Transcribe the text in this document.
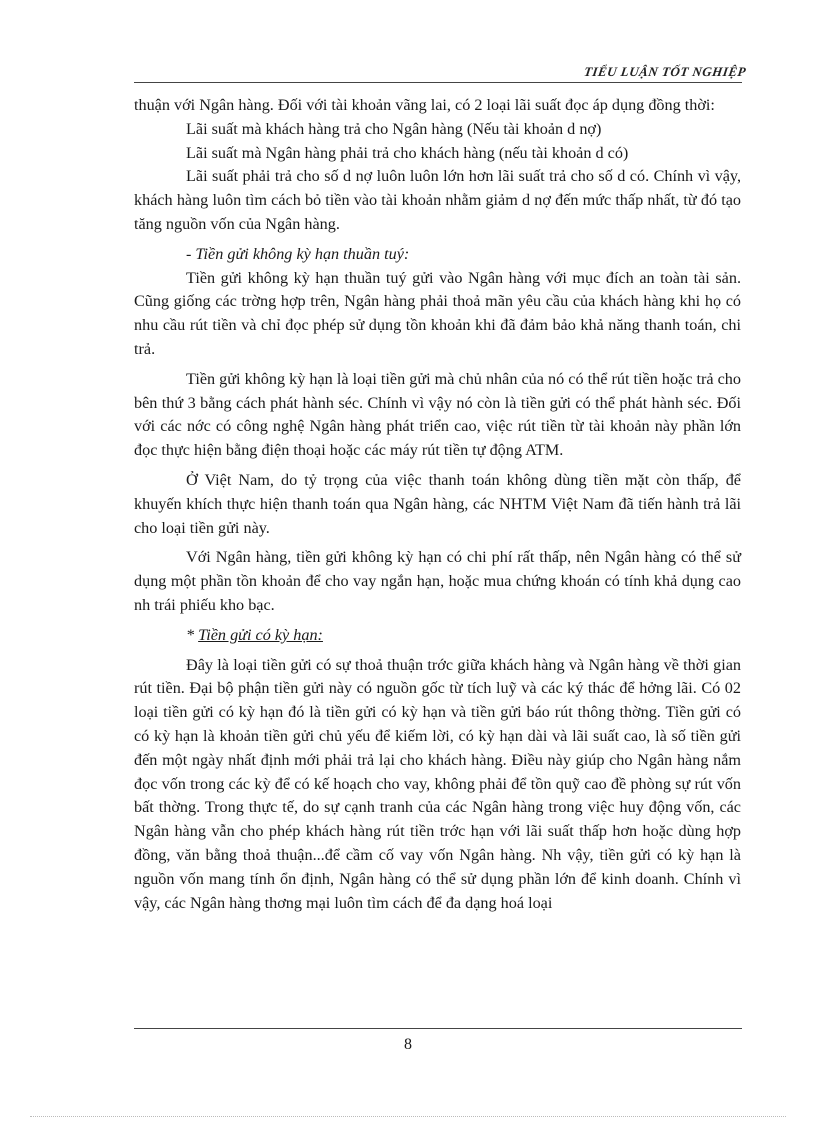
TIỂU LUẬN TỐT NGHIỆP

thuận với Ngân hàng. Đối với tài khoản vãng lai, có 2 loại lãi suất đọc áp dụng đồng thời:

Lãi suất mà khách hàng trả cho Ngân hàng (Nếu tài khoản d nợ)

Lãi suất mà Ngân hàng phải trả cho khách hàng (nếu tài khoản d có)

Lãi suất phải trả cho số d nợ luôn luôn lớn hơn lãi suất trả cho số d có. Chính vì vậy, khách hàng luôn tìm cách bỏ tiền vào tài khoản nhằm giảm d nợ đến mức thấp nhất, từ đó tạo tăng nguồn vốn của Ngân hàng.

- Tiền gửi không kỳ hạn thuần tuý:

Tiền gửi không kỳ hạn thuần tuý gửi vào Ngân hàng với mục đích an toàn tài sản. Cũng giống các trờng hợp trên, Ngân hàng phải thoả mãn yêu cầu của khách hàng khi họ có nhu cầu rút tiền và chỉ đọc phép sử dụng tồn khoản khi đã đảm bảo khả năng thanh toán, chi trả.

Tiền gửi không kỳ hạn là loại tiền gửi mà chủ nhân của nó có thể rút tiền hoặc trả cho bên thứ 3 bằng cách phát hành séc. Chính vì vậy nó còn là tiền gửi có thể phát hành séc. Đối với các nớc có công nghệ Ngân hàng phát triển cao, việc rút tiền từ tài khoản này phần lớn đọc thực hiện bằng điện thoại hoặc các máy rút tiền tự động ATM.

Ở Việt Nam, do tỷ trọng của việc thanh toán không dùng tiền mặt còn thấp, để khuyến khích thực hiện thanh toán qua Ngân hàng, các NHTM Việt Nam đã tiến hành trả lãi cho loại tiền gửi này.

Với Ngân hàng, tiền gửi không kỳ hạn có chi phí rất thấp, nên Ngân hàng có thể sử dụng một phần tồn khoản để cho vay ngắn hạn, hoặc mua chứng khoán có tính khả dụng cao nh trái phiếu kho bạc.

* Tiền gửi có kỳ hạn:

Đây là loại tiền gửi có sự thoả thuận trớc giữa khách hàng và Ngân hàng về thời gian rút tiền. Đại bộ phận tiền gửi này có nguồn gốc từ tích luỹ và các ký thác để hởng lãi. Có 02 loại tiền gửi có kỳ hạn đó là tiền gửi có kỳ hạn và tiền gửi báo rút thông thờng. Tiền gửi có có kỳ hạn là khoản tiền gửi chủ yếu để kiếm lời, có kỳ hạn dài và lãi suất cao, là số tiền gửi đến một ngày nhất định mới phải trả lại cho khách hàng. Điều này giúp cho Ngân hàng nắm đọc vốn trong các kỳ để có kế hoạch cho vay, không phải để tồn quỹ cao đề phòng sự rút vốn bất thờng. Trong thực tế, do sự cạnh tranh của các Ngân hàng trong việc huy động vốn, các Ngân hàng vẫn cho phép khách hàng rút tiền trớc hạn với lãi suất thấp hơn hoặc dùng hợp đồng, văn bằng thoả thuận...để cầm cố vay vốn Ngân hàng. Nh vậy, tiền gửi có kỳ hạn là nguồn vốn mang tính ổn định, Ngân hàng có thể sử dụng phần lớn để kinh doanh. Chính vì vậy, các Ngân hàng thơng mại luôn tìm cách để đa dạng hoá loại

8
